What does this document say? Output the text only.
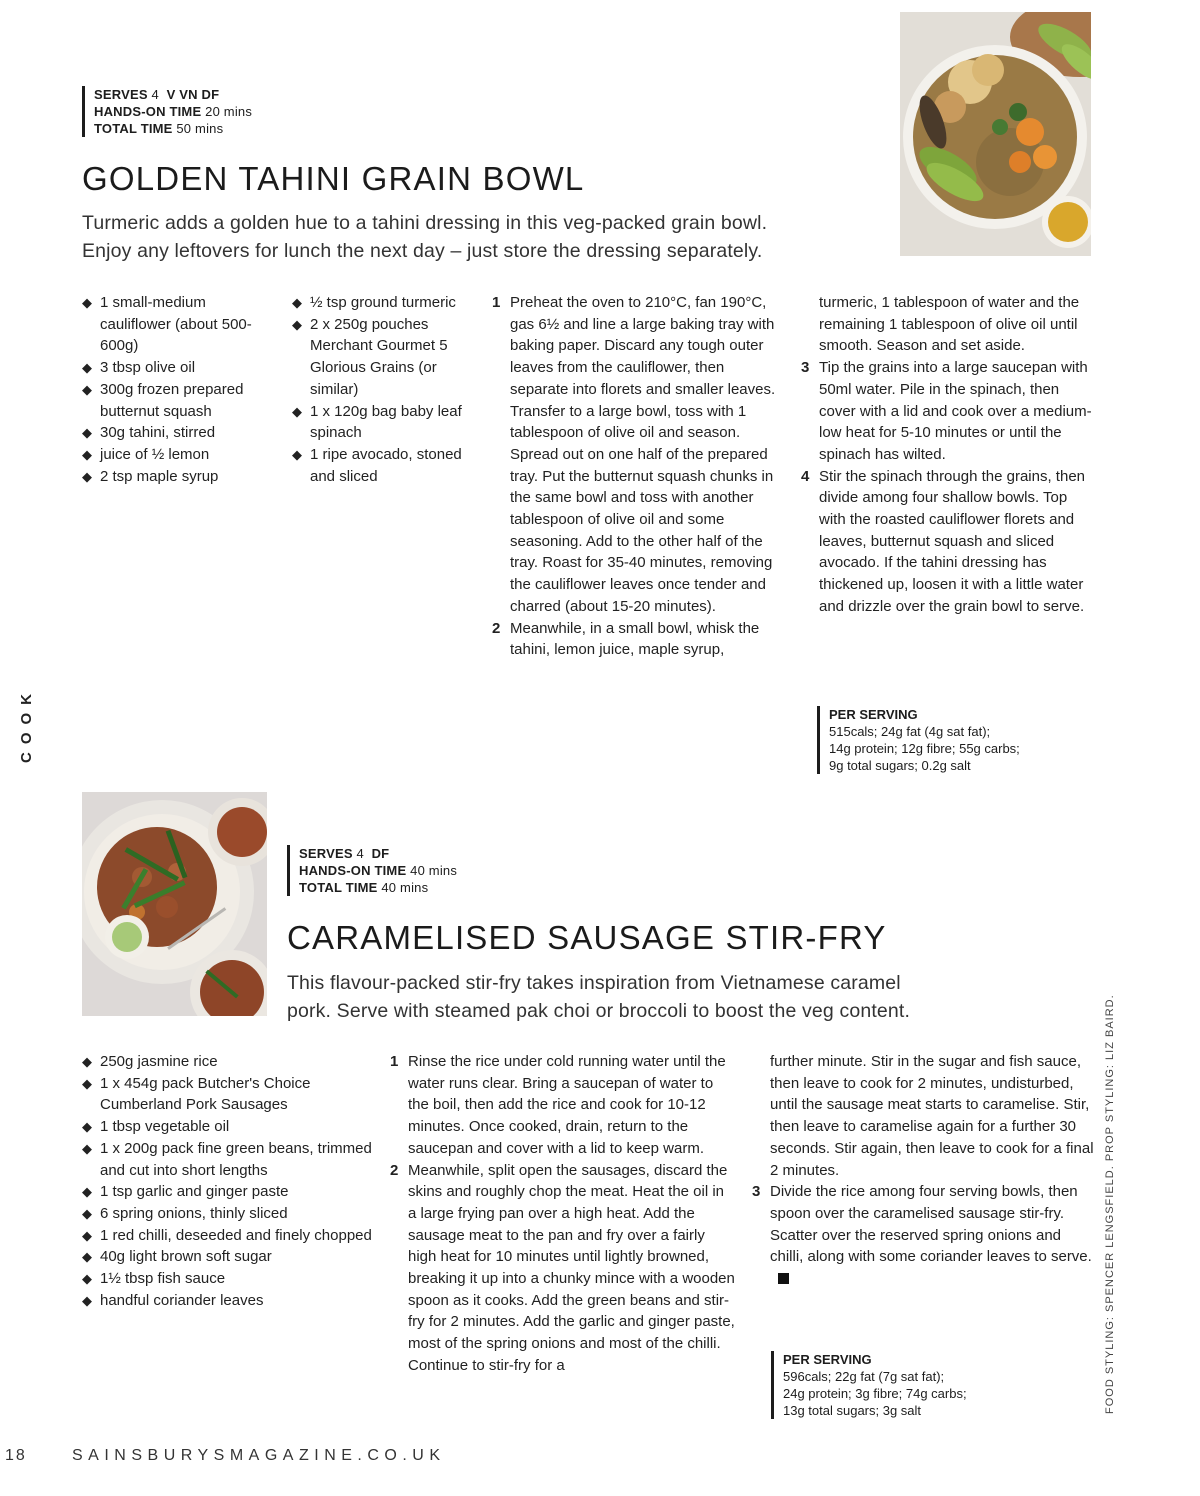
COOK
FOOD STYLING: SPENCER LENGSFIELD. PROP STYLING: LIZ BAIRD.
SERVES 4 V VN DF
HANDS-ON TIME 20 mins
TOTAL TIME 50 mins
GOLDEN TAHINI GRAIN BOWL
Turmeric adds a golden hue to a tahini dressing in this veg-packed grain bowl.
Enjoy any leftovers for lunch the next day – just store the dressing separately.
◆ 1 small-medium cauliflower (about 500-600g)
◆ 3 tbsp olive oil
◆ 300g frozen prepared butternut squash
◆ 30g tahini, stirred
◆ juice of ½ lemon
◆ 2 tsp maple syrup
◆ ½ tsp ground turmeric
◆ 2 x 250g pouches Merchant Gourmet 5 Glorious Grains (or similar)
◆ 1 x 120g bag baby leaf spinach
◆ 1 ripe avocado, stoned and sliced
1 Preheat the oven to 210°C, fan 190°C, gas 6½ and line a large baking tray with baking paper. Discard any tough outer leaves from the cauliflower, then separate into florets and smaller leaves. Transfer to a large bowl, toss with 1 tablespoon of olive oil and season. Spread out on one half of the prepared tray. Put the butternut squash chunks in the same bowl and toss with another tablespoon of olive oil and some seasoning. Add to the other half of the tray. Roast for 35-40 minutes, removing the cauliflower leaves once tender and charred (about 15-20 minutes).
2 Meanwhile, in a small bowl, whisk the tahini, lemon juice, maple syrup,
turmeric, 1 tablespoon of water and the remaining 1 tablespoon of olive oil until smooth. Season and set aside.
3 Tip the grains into a large saucepan with 50ml water. Pile in the spinach, then cover with a lid and cook over a medium-low heat for 5-10 minutes or until the spinach has wilted.
4 Stir the spinach through the grains, then divide among four shallow bowls. Top with the roasted cauliflower florets and leaves, butternut squash and sliced avocado. If the tahini dressing has thickened up, loosen it with a little water and drizzle over the grain bowl to serve.
PER SERVING
515cals; 24g fat (4g sat fat);
14g protein; 12g fibre; 55g carbs;
9g total sugars; 0.2g salt
SERVES 4 DF
HANDS-ON TIME 40 mins
TOTAL TIME 40 mins
CARAMELISED SAUSAGE STIR-FRY
This flavour-packed stir-fry takes inspiration from Vietnamese caramel
pork. Serve with steamed pak choi or broccoli to boost the veg content.
◆ 250g jasmine rice
◆ 1 x 454g pack Butcher's Choice Cumberland Pork Sausages
◆ 1 tbsp vegetable oil
◆ 1 x 200g pack fine green beans, trimmed and cut into short lengths
◆ 1 tsp garlic and ginger paste
◆ 6 spring onions, thinly sliced
◆ 1 red chilli, deseeded and finely chopped
◆ 40g light brown soft sugar
◆ 1½ tbsp fish sauce
◆ handful coriander leaves
1 Rinse the rice under cold running water until the water runs clear. Bring a saucepan of water to the boil, then add the rice and cook for 10-12 minutes. Once cooked, drain, return to the saucepan and cover with a lid to keep warm.
2 Meanwhile, split open the sausages, discard the skins and roughly chop the meat. Heat the oil in a large frying pan over a high heat. Add the sausage meat to the pan and fry over a fairly high heat for 10 minutes until lightly browned, breaking it up into a chunky mince with a wooden spoon as it cooks. Add the green beans and stir-fry for 2 minutes. Add the garlic and ginger paste, most of the spring onions and most of the chilli. Continue to stir-fry for a
further minute. Stir in the sugar and fish sauce, then leave to cook for 2 minutes, undisturbed, until the sausage meat starts to caramelise. Stir, then leave to caramelise again for a further 30 seconds. Stir again, then leave to cook for a final 2 minutes.
3 Divide the rice among four serving bowls, then spoon over the caramelised sausage stir-fry. Scatter over the reserved spring onions and chilli, along with some coriander leaves to serve.
PER SERVING
596cals; 22g fat (7g sat fat);
24g protein; 3g fibre; 74g carbs;
13g total sugars; 3g salt
18	SAINSBURYSMAGAZINE.CO.UK
